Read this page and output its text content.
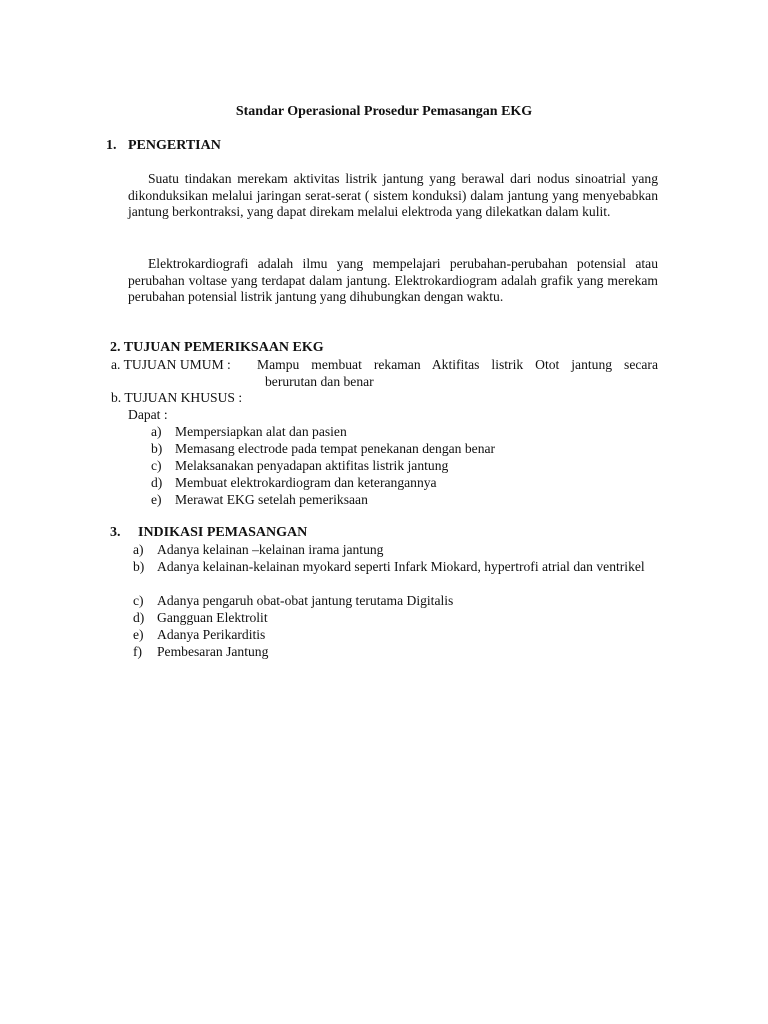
Standar Operasional Prosedur Pemasangan EKG

1. PENGERTIAN

Suatu tindakan merekam aktivitas listrik jantung yang berawal dari nodus sinoatrial yang dikonduksikan melalui jaringan serat-serat ( sistem konduksi) dalam jantung yang menyebabkan jantung berkontraksi, yang dapat direkam melalui elektroda yang dilekatkan dalam kulit.

Elektrokardiografi adalah ilmu yang mempelajari perubahan-perubahan potensial atau perubahan voltase yang terdapat dalam jantung. Elektrokardiogram adalah grafik yang merekam perubahan potensial listrik jantung yang dihubungkan dengan waktu.

2. TUJUAN PEMERIKSAAN EKG

a. TUJUAN UMUM : Mampu membuat rekaman Aktifitas listrik Otot jantung secara

berurutan dan benar

b. TUJUAN KHUSUS :

Dapat :

a) Mempersiapkan alat dan pasien
b) Memasang electrode pada tempat penekanan dengan benar
c) Melaksanakan penyadapan aktifitas listrik jantung
d) Membuat elektrokardiogram dan keterangannya
e) Merawat EKG setelah pemeriksaan

3. INDIKASI PEMASANGAN

a) Adanya kelainan –kelainan irama jantung
b) Adanya kelainan-kelainan myokard seperti Infark Miokard, hypertrofi atrial dan ventrikel
c) Adanya pengaruh obat-obat jantung terutama Digitalis
d) Gangguan Elektrolit
e) Adanya Perikarditis
f) Pembesaran Jantung
